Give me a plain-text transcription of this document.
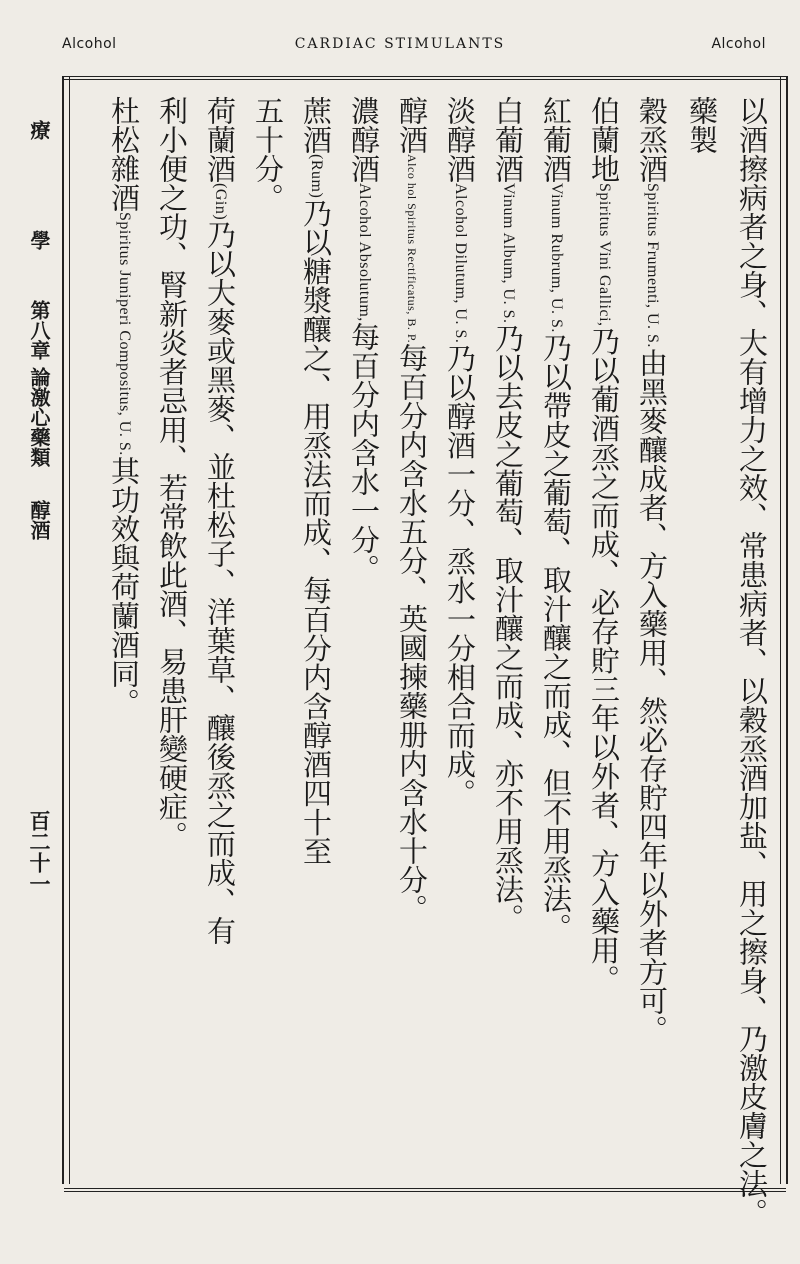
Alcohol	CARDIAC STIMULANTS	Alcohol
療
學
第八章 論激心藥類
醇酒
百二十一	以酒擦病者之身、大有增力之效、常患病者、以穀烝酒加盐、用之擦身、乃激皮膚之法。
藥製
穀烝酒Spiritus Frumenti, U. S.由黑麥釀成者、方入藥用、然必存貯四年以外者方可。
伯蘭地Spiritus Vini Gallici,乃以葡酒烝之而成、必存貯三年以外者、方入藥用。
紅葡酒Vinum Rubrum, U. S.乃以帶皮之葡萄、取汁釀之而成、但不用烝法。
白葡酒Vinum Album, U. S.乃以去皮之葡萄、取汁釀之而成、亦不用烝法。
淡醇酒Alcohol Dilutum, U. S.乃以醇酒一分、烝水一分相合而成。
醇酒Alco hol Spiritus Rectificatus, B. P.每百分内含水五分、英國揀藥册内含水十分。
濃醇酒Alcohol Absolutum,每百分内含水一分。
蔗酒(Rum)乃以糖漿釀之、用烝法而成、每百分内含醇酒四十至
五十分。
荷蘭酒(Gin)乃以大麥或黑麥、並杜松子、洋葉草、釀後烝之而成、有
利小便之功、腎新炎者忌用、若常飲此酒、易患肝變硬症。
杜松雜酒Spiritus Juniperi Compositus, U. S.其功效與荷蘭酒同。
